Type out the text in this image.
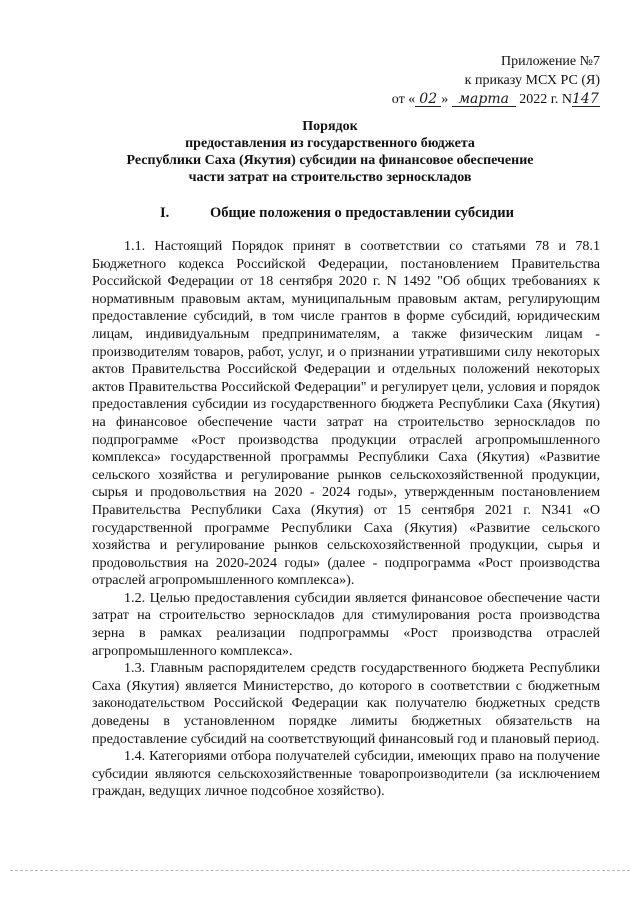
Приложение №7
к приказу МСХ РС (Я)
от « 02 » марта 2022 г. N147
Порядок
предоставления из государственного бюджета
Республики Саха (Якутия) субсидии на финансовое обеспечение
части затрат на строительство зерноскладов
I.	Общие положения о предоставлении субсидии

1.1. Настоящий Порядок принят в соответствии со статьями 78 и 78.1 Бюджетного кодекса Российской Федерации, постановлением Правительства Российской Федерации от 18 сентября 2020 г. N 1492 "Об общих требованиях к нормативным правовым актам, муниципальным правовым актам, регулирующим предоставление субсидий, в том числе грантов в форме субсидий, юридическим лицам, индивидуальным предпринимателям, а также физическим лицам - производителям товаров, работ, услуг, и о признании утратившими силу некоторых актов Правительства Российской Федерации и отдельных положений некоторых актов Правительства Российской Федерации" и регулирует цели, условия и порядок предоставления субсидии из государственного бюджета Республики Саха (Якутия) на финансовое обеспечение части затрат на строительство зерноскладов по подпрограмме «Рост производства продукции отраслей агропромышленного комплекса» государственной программы Республики Саха (Якутия) «Развитие сельского хозяйства и регулирование рынков сельскохозяйственной продукции, сырья и продовольствия на 2020 - 2024 годы», утвержденным постановлением Правительства Республики Саха (Якутия) от 15 сентября 2021 г. N341 «О государственной программе Республики Саха (Якутия) «Развитие сельского хозяйства и регулирование рынков сельскохозяйственной продукции, сырья и продовольствия на 2020-2024 годы» (далее - подпрограмма «Рост производства отраслей агропромышленного комплекса»).

1.2. Целью предоставления субсидии является финансовое обеспечение части затрат на строительство зерноскладов для стимулирования роста производства зерна в рамках реализации подпрограммы «Рост производства отраслей агропромышленного комплекса».

1.3. Главным распорядителем средств государственного бюджета Республики Саха (Якутия) является Министерство, до которого в соответствии с бюджетным законодательством Российской Федерации как получателю бюджетных средств доведены в установленном порядке лимиты бюджетных обязательств на предоставление субсидий на соответствующий финансовый год и плановый период.

1.4. Категориями отбора получателей субсидии, имеющих право на получение субсидии являются сельскохозяйственные товаропроизводители (за исключением граждан, ведущих личное подсобное хозяйство).
